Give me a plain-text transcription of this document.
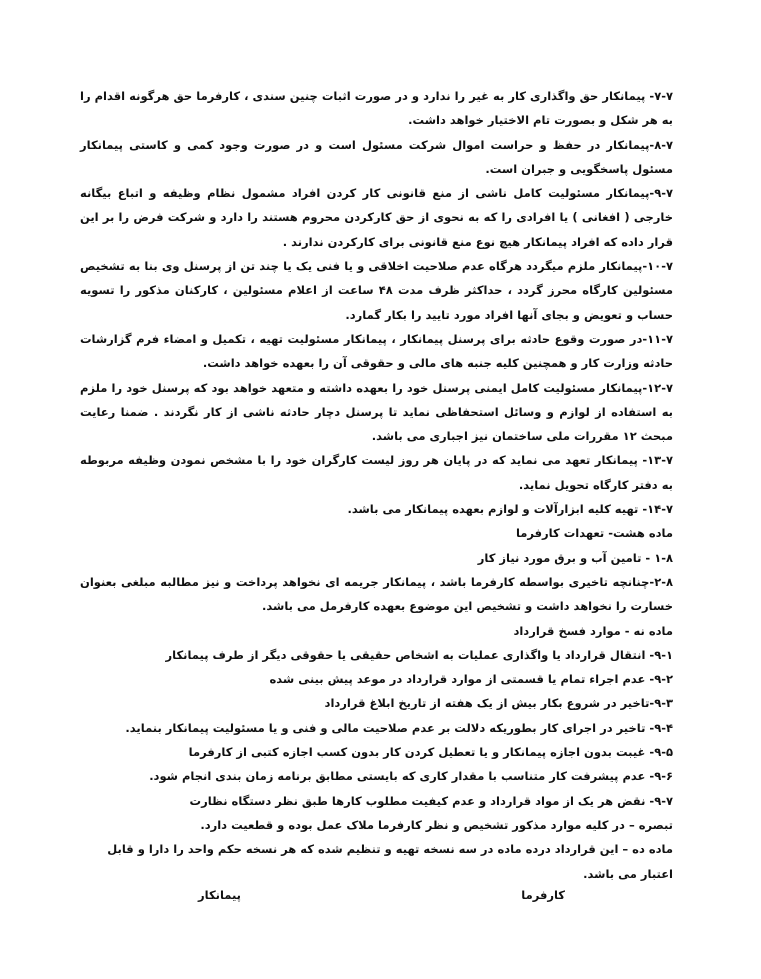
۷-۷- پیمانکار حق واگذاری کار به غیر را ندارد و در صورت اثبات چنین سندی ، کارفرما حق هرگونه اقدام را به هر شکل و بصورت تام الاختیار خواهد داشت.

۸-۷-پیمانکار در حفظ و حراست اموال شرکت مسئول است و در صورت وجود کمی و کاستی پیمانکار مسئول پاسخگویی و جبران است.

۹-۷-پیمانکار مسئولیت کامل ناشی از منع قانونی کار کردن افراد مشمول نظام وظیفه و اتباع بیگانه خارجی ( افغانی ) یا افرادی را که به نحوی از حق کارکردن محروم هستند را دارد و شرکت فرض را بر این قرار داده که افراد پیمانکار هیچ نوع منع قانونی برای کارکردن ندارند .

۱۰-۷-پیمانکار ملزم میگردد هرگاه عدم صلاحیت اخلاقی و یا فنی یک یا چند تن از پرسنل وی بنا به تشخیص مسئولین کارگاه محرز گردد ، حداکثر ظرف مدت ۴۸ ساعت از اعلام مسئولین ، کارکنان مذکور را تسویه حساب و تعویض و بجای آنها افراد مورد تایید را بکار گمارد.

۱۱-۷-در صورت وقوع حادثه برای پرسنل پیمانکار ، پیمانکار مسئولیت تهیه ، تکمیل و امضاء فرم گزارشات حادثه وزارت کار و همچنین کلیه جنبه های مالی و حقوقی آن را بعهده خواهد داشت.

۱۲-۷-پیمانکار مسئولیت کامل ایمنی پرسنل خود را بعهده داشته و متعهد خواهد بود که پرسنل خود را ملزم به استفاده از لوازم و وسائل استحفاظی نماید تا پرسنل دچار حادثه ناشی از کار نگردند . ضمنا رعایت مبحث ۱۲ مقررات ملی ساختمان نیز اجباری می باشد.

۱۳-۷- پیمانکار تعهد می نماید که در پایان هر روز لیست کارگران خود را با مشخص نمودن وظیفه مربوطه به دفتر کارگاه تحویل نماید.

۱۴-۷- تهیه کلیه ابزارآلات و لوازم بعهده پیمانکار می باشد.

ماده هشت- تعهدات کارفرما

۱-۸ - تامین آب و برق مورد نیاز کار

۲-۸-چنانچه تاخیری بواسطه کارفرما باشد ، پیمانکار جریمه ای نخواهد پرداخت و نیز مطالبه مبلغی بعنوان خسارت را نخواهد داشت و تشخیص این موضوع بعهده کارفرمل می باشد.

ماده نه - موارد فسخ قرارداد

۹-۱- انتقال قرارداد یا واگذاری عملیات به اشخاص حقیقی یا حقوقی دیگر از طرف پیمانکار

۹-۲- عدم اجراء تمام یا قسمتی از موارد قرارداد در موعد پیش بینی شده

۹-۳-تاخیر در شروع بکار بیش از یک هفته از تاریخ ابلاغ قرارداد

۹-۴- تاخیر در اجرای کار بطوریکه دلالت بر عدم صلاحیت مالی و فنی و یا مسئولیت پیمانکار بنماید.

۹-۵- غیبت بدون اجازه پیمانکار و یا تعطیل کردن کار بدون کسب اجازه کتبی از کارفرما

۹-۶- عدم پیشرفت کار متناسب با مقدار کاری که بایستی مطابق برنامه زمان بندی انجام شود.

۹-۷- نقض هر یک از مواد قرارداد و عدم کیفیت مطلوب کارها طبق نظر دستگاه نظارت

تبصره – در کلیه موارد مذکور تشخیص و نظر کارفرما ملاک عمل بوده و قطعیت دارد.

ماده ده – این قرارداد درده ماده در سه نسخه تهیه و تنظیم شده که هر نسخه حکم واحد را دارا و قابل اعتبار می باشد.

کارفرما
پیمانکار
